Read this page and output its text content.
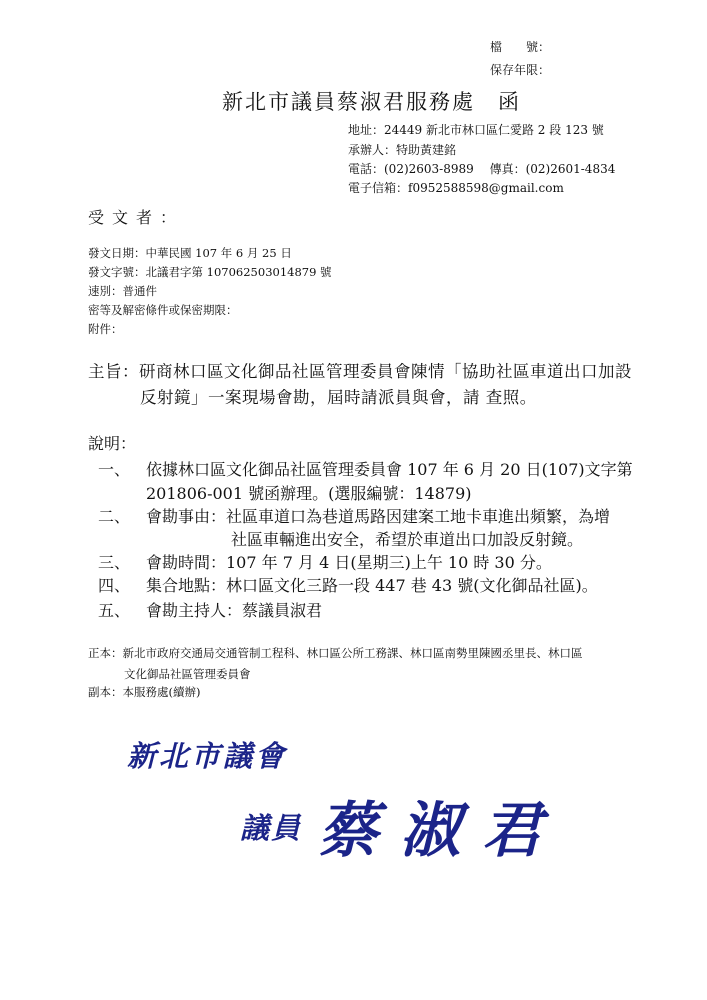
檔　　號：
保存年限：
新北市議員蔡淑君服務處　函
地址：24449 新北市林口區仁愛路 2 段 123 號
承辦人：特助黃建銘
電話：(02)2603-8989　 傳真：(02)2601-4834
電子信箱：f0952588598@gmail.com
受文者：
發文日期：中華民國 107 年 6 月 25 日
發文字號：北議君字第 107062503014879 號
速別：普通件
密等及解密條件或保密期限：
附件：
主旨：研商林口區文化御品社區管理委員會陳情「協助社區車道出口加設
反射鏡」一案現場會勘，屆時請派員與會，請 查照。
說明：
一、 依據林口區文化御品社區管理委員會 107 年 6 月 20 日(107)文字第
201806-001 號函辦理。(選服編號：14879)
二、 會勘事由：社區車道口為巷道馬路因建案工地卡車進出頻繁，為增
社區車輛進出安全，希望於車道出口加設反射鏡。
三、 會勘時間：107 年 7 月 4 日(星期三)上午 10 時 30 分。
四、 集合地點：林口區文化三路一段 447 巷 43 號(文化御品社區)。
五、 會勘主持人：蔡議員淑君
正本：新北市政府交通局交通管制工程科、林口區公所工務課、林口區南勢里陳國丞里長、林口區
文化御品社區管理委員會
副本：本服務處(續辦)
新北市議會
議員 蔡淑君
